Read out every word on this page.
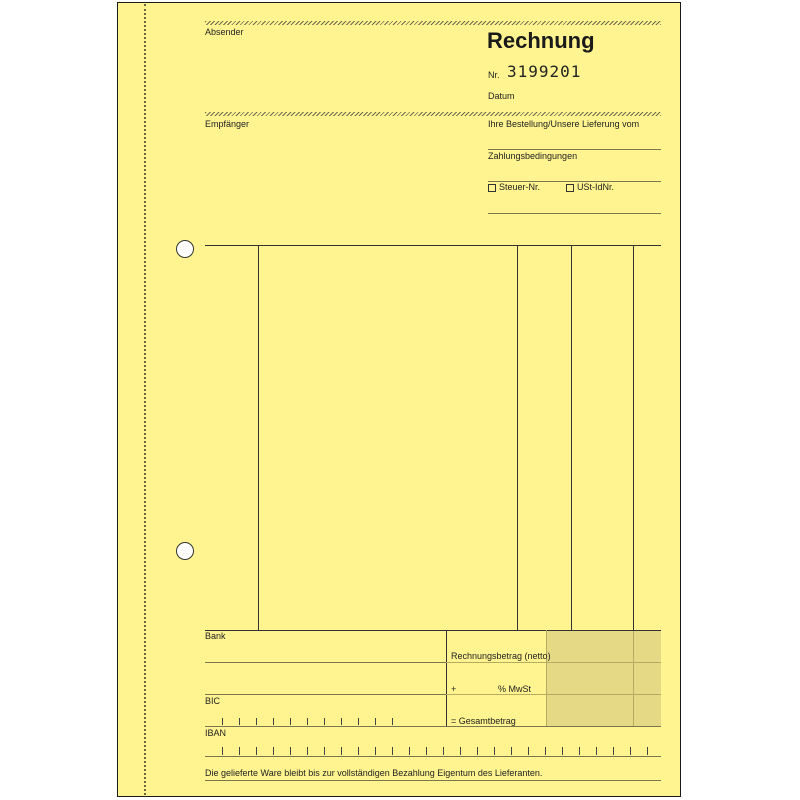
Absender	Rechnung
Nr. 3199201
Datum
Empfänger	Ihre Bestellung/Unsere Lieferung vom
Zahlungsbedingungen
Steuer-Nr.	USt-IdNr.
Bank
BIC
Rechnungsbetrag (netto)
+	% MwSt
= Gesamtbetrag
IBAN
Die gelieferte Ware bleibt bis zur vollständigen Bezahlung Eigentum des Lieferanten.
